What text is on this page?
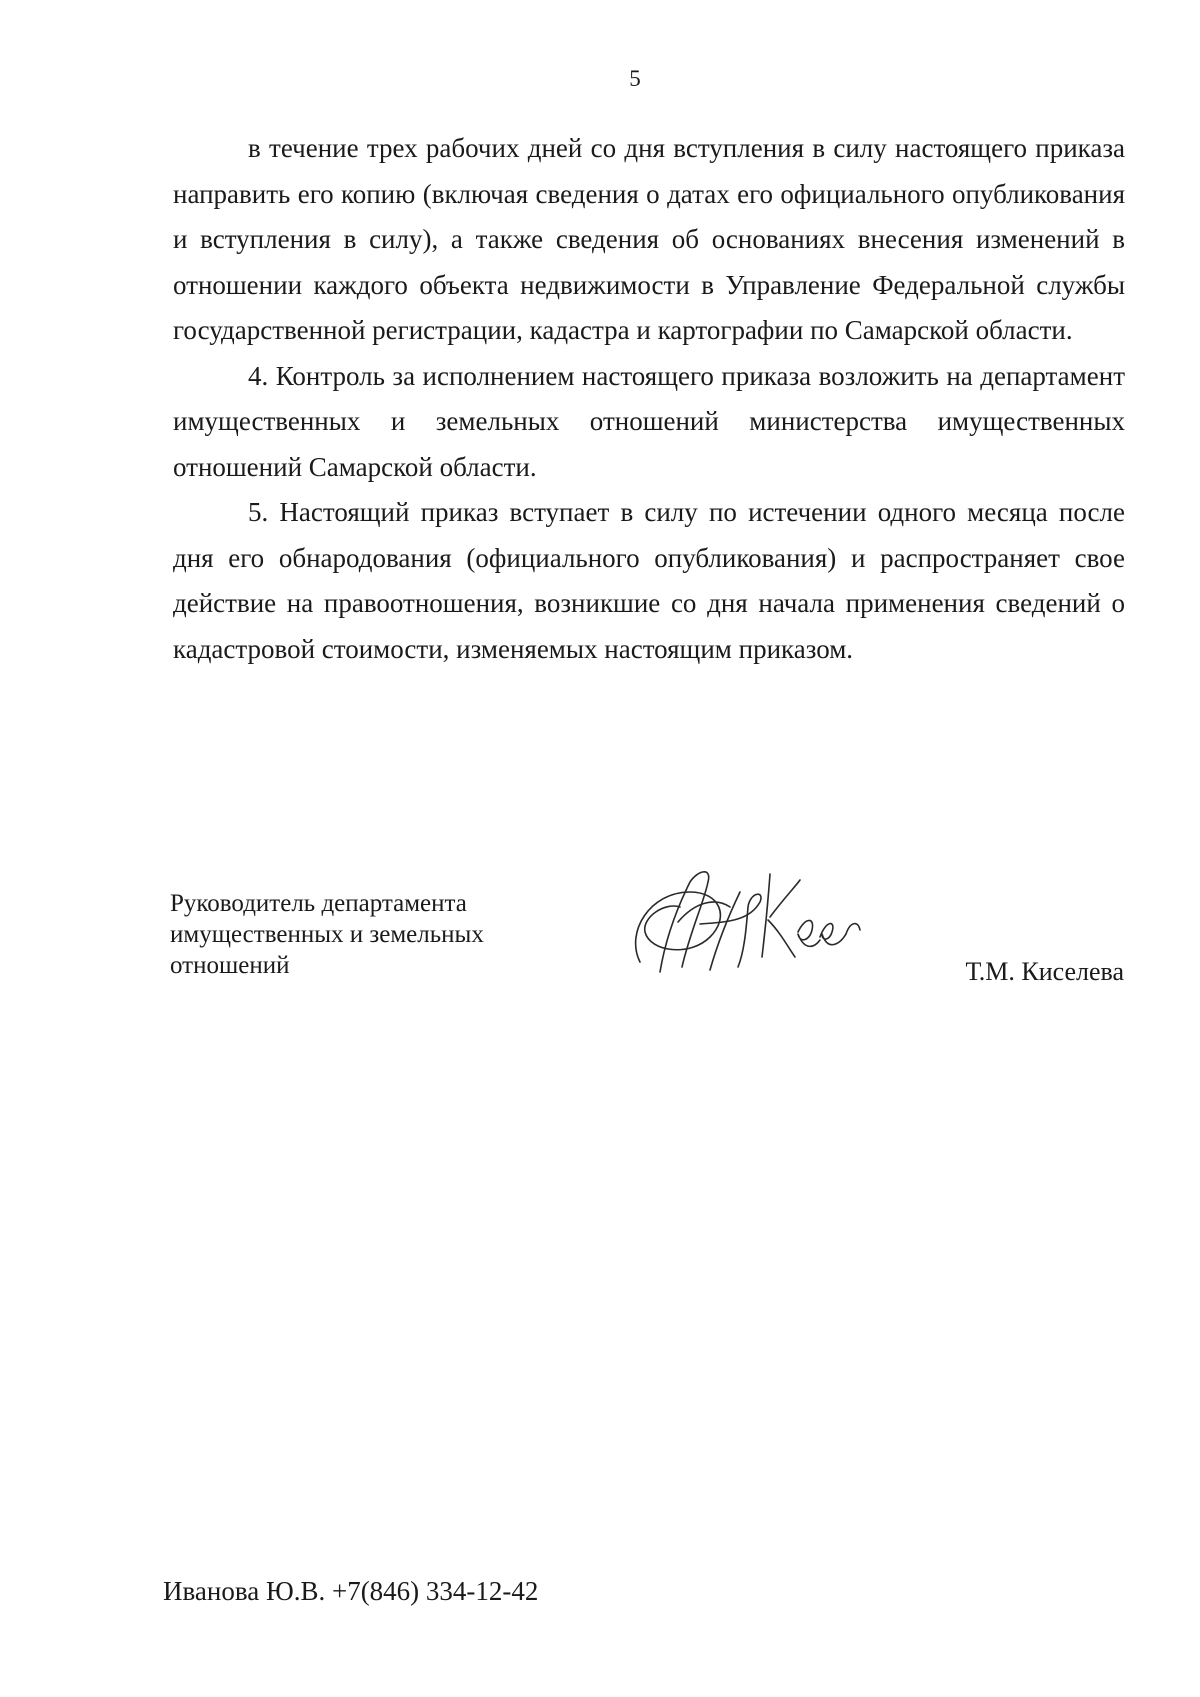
5

в течение трех рабочих дней со дня вступления в силу настоящего приказа направить его копию (включая сведения о датах его официального опубликования и вступления в силу), а также сведения об основаниях внесения изменений в отношении каждого объекта недвижимости в Управление Федеральной службы государственной регистрации, кадастра и картографии по Самарской области.

4. Контроль за исполнением настоящего приказа возложить на департамент имущественных и земельных отношений министерства имущественных отношений Самарской области.

5. Настоящий приказ вступает в силу по истечении одного месяца после дня его обнародования (официального опубликования) и распространяет свое действие на правоотношения, возникшие со дня начала применения сведений о кадастровой стоимости, изменяемых настоящим приказом.

Руководитель департамента
имущественных и земельных
отношений	Т.М. Киселева
Иванова Ю.В. +7(846) 334-12-42
